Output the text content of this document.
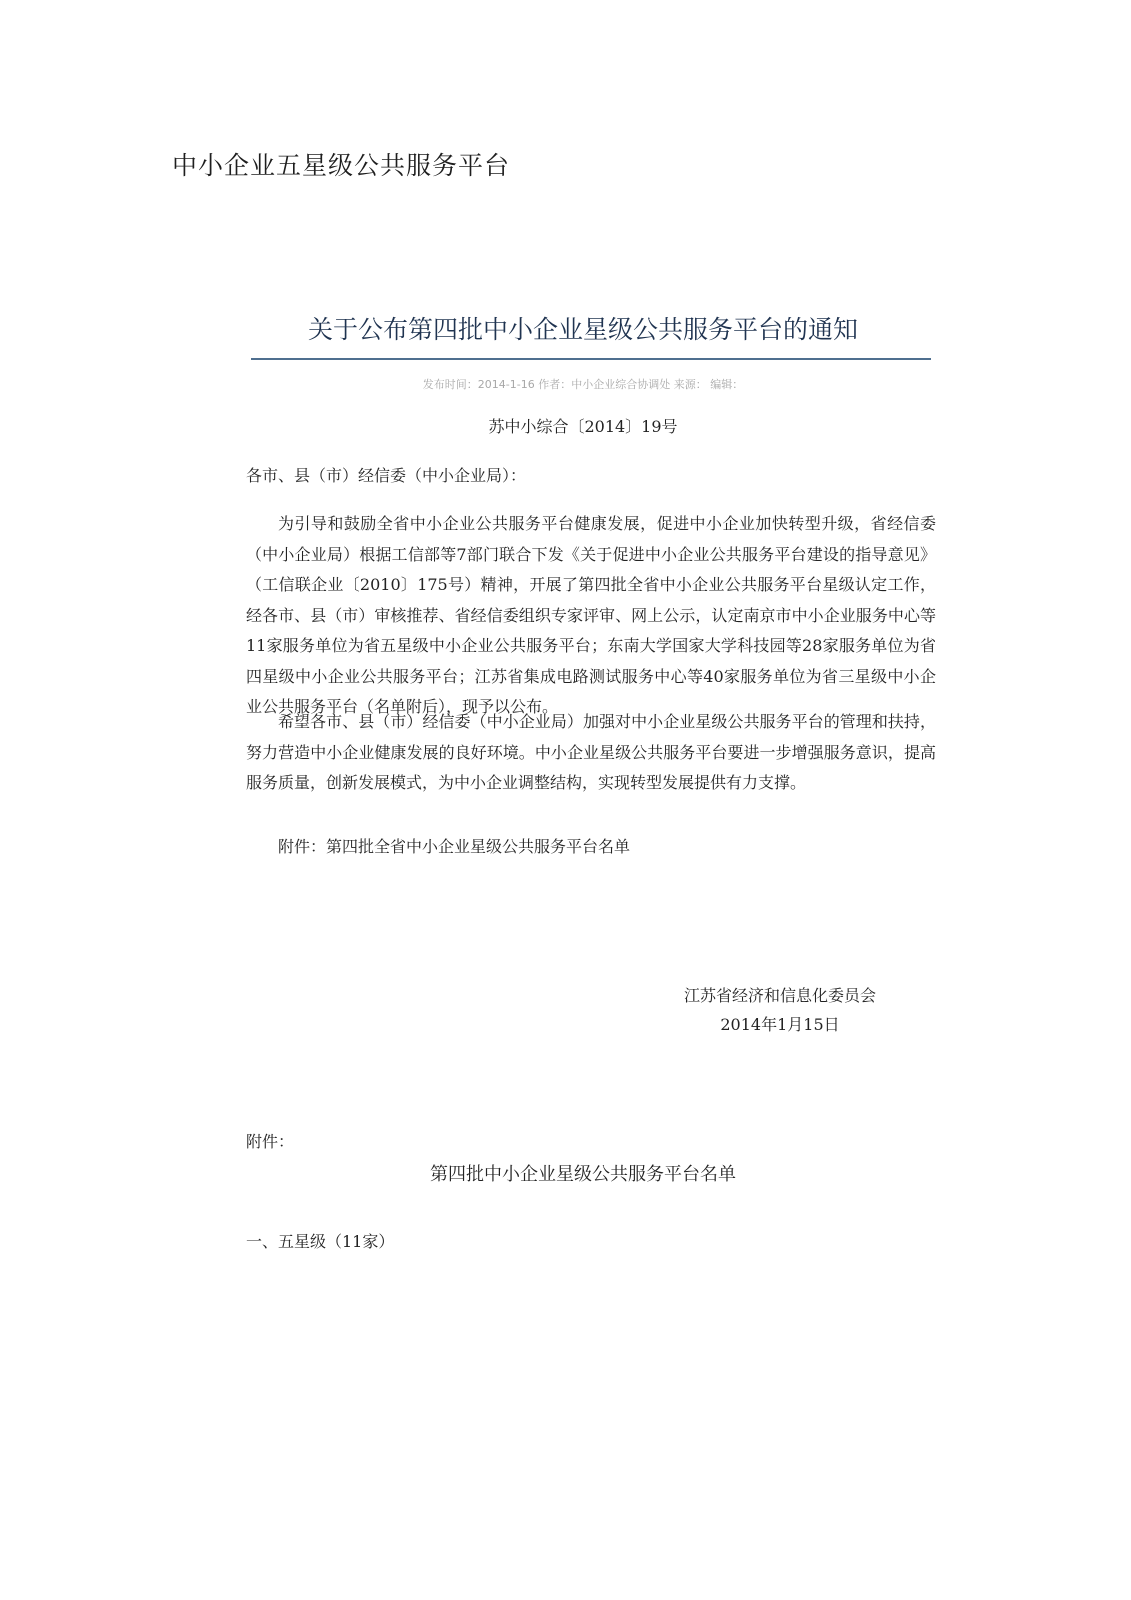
中小企业五星级公共服务平台
关于公布第四批中小企业星级公共服务平台的通知
发布时间：2014-1-16 作者：中小企业综合协调处 来源： 编辑：
苏中小综合〔2014〕19号
各市、县（市）经信委（中小企业局）：

为引导和鼓励全省中小企业公共服务平台健康发展，促进中小企业加快转型升级，省经信委（中小企业局）根据工信部等7部门联合下发《关于促进中小企业公共服务平台建设的指导意见》（工信联企业〔2010〕175号）精神，开展了第四批全省中小企业公共服务平台星级认定工作，经各市、县（市）审核推荐、省经信委组织专家评审、网上公示，认定南京市中小企业服务中心等11家服务单位为省五星级中小企业公共服务平台；东南大学国家大学科技园等28家服务单位为省四星级中小企业公共服务平台；江苏省集成电路测试服务中心等40家服务单位为省三星级中小企业公共服务平台（名单附后），现予以公布。

希望各市、县（市）经信委（中小企业局）加强对中小企业星级公共服务平台的管理和扶持，努力营造中小企业健康发展的良好环境。中小企业星级公共服务平台要进一步增强服务意识，提高服务质量，创新发展模式，为中小企业调整结构，实现转型发展提供有力支撑。

附件：第四批全省中小企业星级公共服务平台名单
江苏省经济和信息化委员会
2014年1月15日
附件：
第四批中小企业星级公共服务平台名单
一、五星级（11家）
